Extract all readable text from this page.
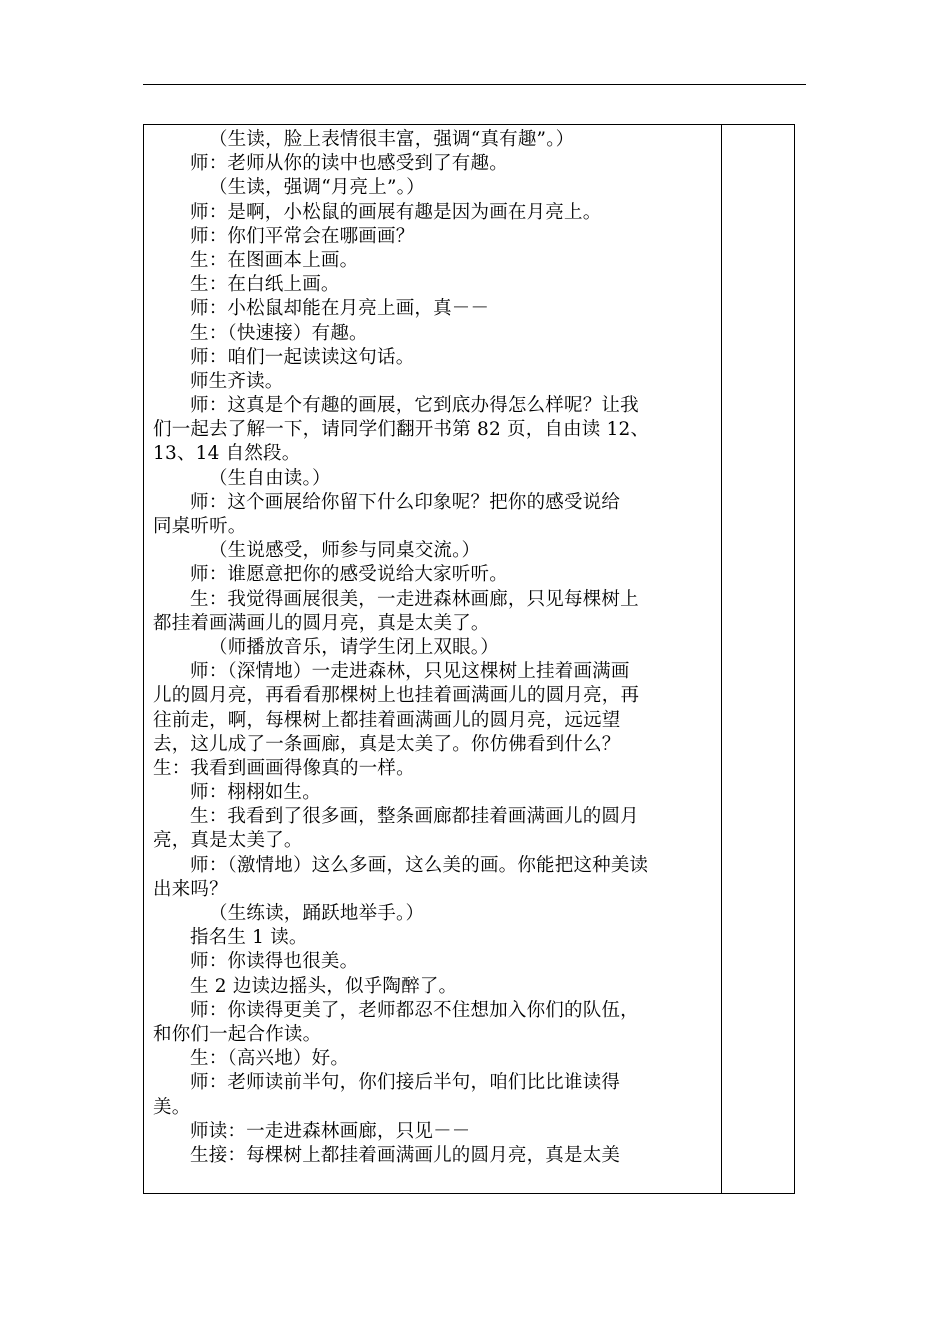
（生读，脸上表情很丰富，强调“真有趣”。）
师：老师从你的读中也感受到了有趣。
（生读，强调“月亮上”。）
师：是啊，小松鼠的画展有趣是因为画在月亮上。
师：你们平常会在哪画画？
生：在图画本上画。
生：在白纸上画。
师：小松鼠却能在月亮上画，真－－
生：（快速接）有趣。
师：咱们一起读读这句话。
师生齐读。
师：这真是个有趣的画展，它到底办得怎么样呢？让我
们一起去了解一下，请同学们翻开书第 82 页，自由读 12、
13、14 自然段。
（生自由读。）
师：这个画展给你留下什么印象呢？把你的感受说给
同桌听听。
（生说感受，师参与同桌交流。）
师：谁愿意把你的感受说给大家听听。
生：我觉得画展很美，一走进森林画廊，只见每棵树上
都挂着画满画儿的圆月亮，真是太美了。
（师播放音乐，请学生闭上双眼。）
师：（深情地）一走进森林，只见这棵树上挂着画满画
儿的圆月亮，再看看那棵树上也挂着画满画儿的圆月亮，再
往前走，啊，每棵树上都挂着画满画儿的圆月亮，远远望
去，这儿成了一条画廊，真是太美了。你仿佛看到什么？
生：我看到画画得像真的一样。
师：栩栩如生。
生：我看到了很多画，整条画廊都挂着画满画儿的圆月
亮，真是太美了。
师：（激情地）这么多画，这么美的画。你能把这种美读
出来吗？
（生练读，踊跃地举手。）
指名生 1 读。
师：你读得也很美。
生 2 边读边摇头，似乎陶醉了。
师：你读得更美了，老师都忍不住想加入你们的队伍，
和你们一起合作读。
生：（高兴地）好。
师：老师读前半句，你们接后半句，咱们比比谁读得
美。
师读：一走进森林画廊，只见－－
生接：每棵树上都挂着画满画儿的圆月亮，真是太美
